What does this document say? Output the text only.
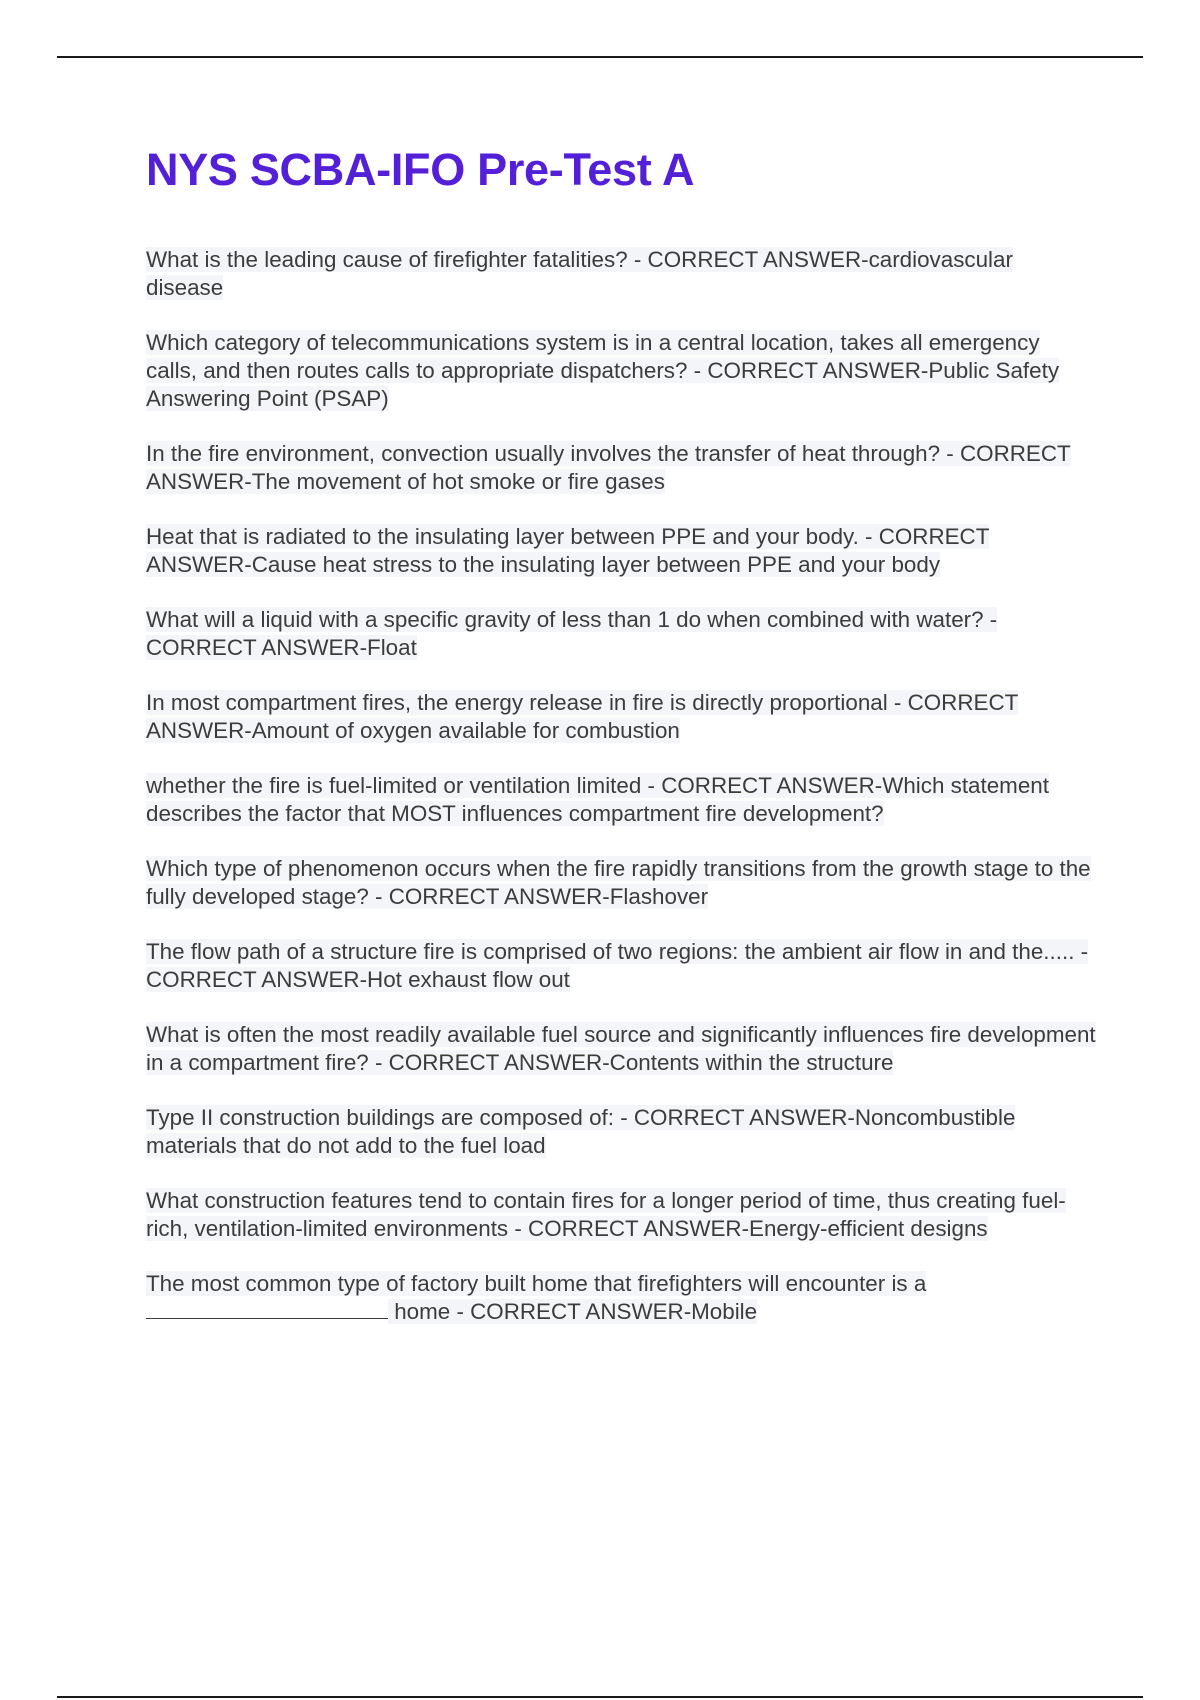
NYS SCBA-IFO Pre-Test A
What is the leading cause of firefighter fatalities? - CORRECT ANSWER-cardiovascular disease
Which category of telecommunications system is in a central location, takes all emergency calls, and then routes calls to appropriate dispatchers? - CORRECT ANSWER-Public Safety Answering Point (PSAP)
In the fire environment, convection usually involves the transfer of heat through? - CORRECT ANSWER-The movement of hot smoke or fire gases
Heat that is radiated to the insulating layer between PPE and your body. - CORRECT ANSWER-Cause heat stress to the insulating layer between PPE and your body
What will a liquid with a specific gravity of less than 1 do when combined with water? - CORRECT ANSWER-Float
In most compartment fires, the energy release in fire is directly proportional - CORRECT ANSWER-Amount of oxygen available for combustion
whether the fire is fuel-limited or ventilation limited - CORRECT ANSWER-Which statement describes the factor that MOST influences compartment fire development?
Which type of phenomenon occurs when the fire rapidly transitions from the growth stage to the fully developed stage? - CORRECT ANSWER-Flashover
The flow path of a structure fire is comprised of two regions: the ambient air flow in and the..... - CORRECT ANSWER-Hot exhaust flow out
What is often the most readily available fuel source and significantly influences fire development in a compartment fire? - CORRECT ANSWER-Contents within the structure
Type II construction buildings are composed of: - CORRECT ANSWER-Noncombustible materials that do not add to the fuel load
What construction features tend to contain fires for a longer period of time, thus creating fuel-rich, ventilation-limited environments - CORRECT ANSWER-Energy-efficient designs
The most common type of factory built home that firefighters will encounter is a
home - CORRECT ANSWER-Mobile
